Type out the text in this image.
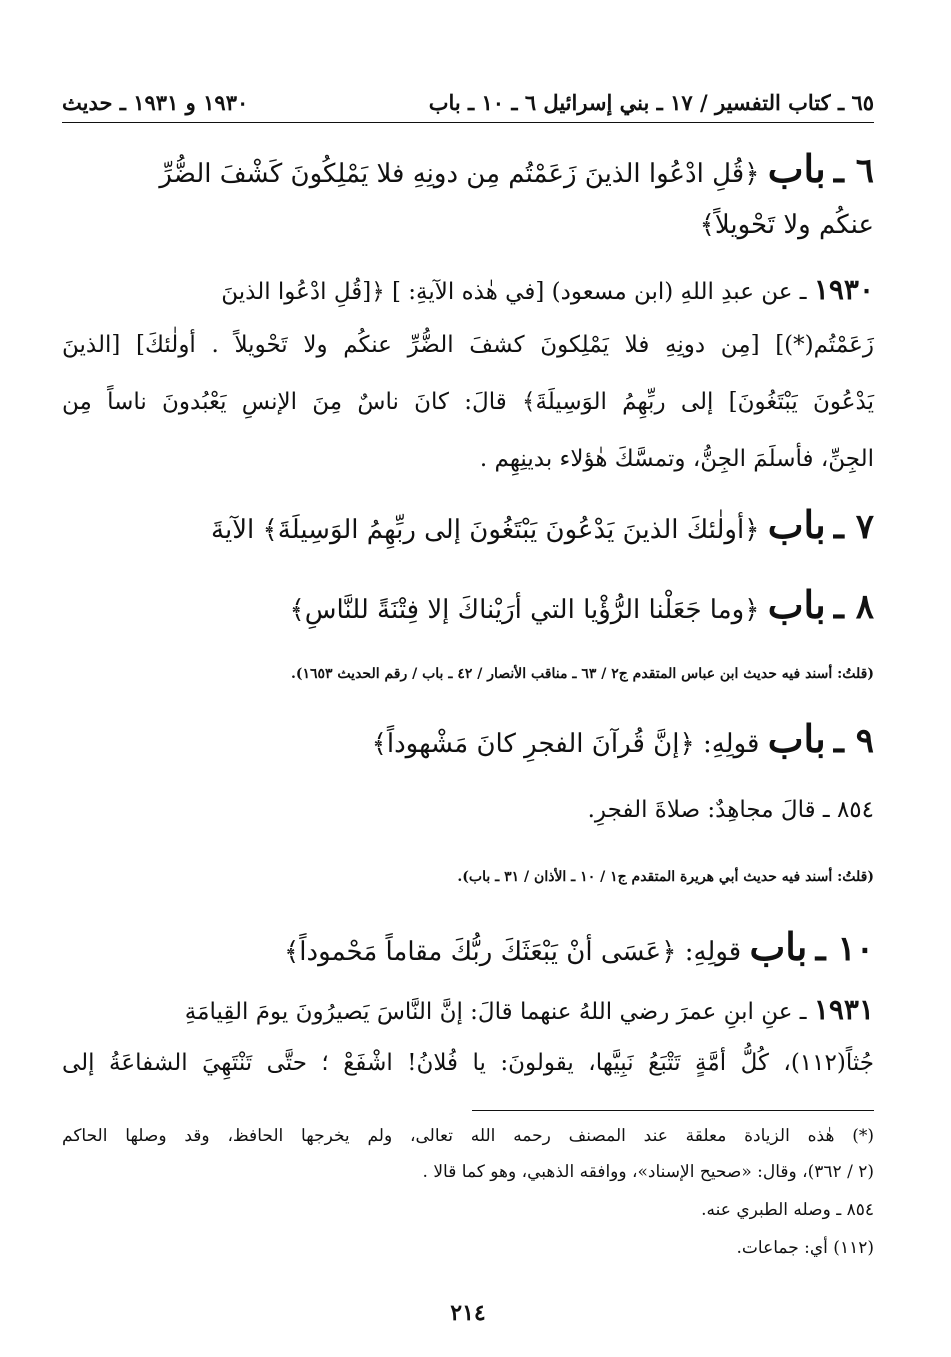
٦٥ ـ كتاب التفسير / ١٧ ـ بني إسرائيل ٦ ـ ١٠ ـ باب
١٩٣٠ و ١٩٣١ ـ حديث
٦ ـ باب ﴿قُلِ ادْعُوا الذينَ زَعَمْتُم مِن دونِهِ فلا يَمْلِكُونَ كَشْفَ الضُّرِّ
عنكُم ولا تَحْويلاً﴾
١٩٣٠ ـ عن عبدِ اللهِ (ابن مسعود) [في هٰذه الآيةِ: ] ﴿[قُلِ ادْعُوا الذينَ
زَعَمْتُم(*)] [مِن دونِهِ فلا يَمْلِكونَ كشفَ الضُّرِّ عنكُم ولا تَحْويلاً . أولٰئكَ] [الذينَ
يَدْعُونَ يَبْتَغُونَ] إلى ربِّهِمُ الوَسِيلَةَ﴾ قالَ: كانَ ناسٌ مِنَ الإنسِ يَعْبُدونَ ناساً مِن
الجِنِّ، فأسلَمَ الجِنُّ، وتمسَّكَ هٰؤلاء بدينِهِم .
٧ ـ باب ﴿أولٰئكَ الذينَ يَدْعُونَ يَبْتَغُونَ إلى ربِّهِمُ الوَسِيلَةَ﴾ الآيةَ
٨ ـ باب ﴿وما جَعَلْنا الرُّؤْيا التي أرَيْناكَ إلا فِتْنَةً للنَّاسِ﴾
(قلتُ: أسند فيه حديث ابن عباس المتقدم ج٢ / ٦٣ ـ مناقب الأنصار / ٤٢ ـ باب / رقم الحديث ١٦٥٣).
٩ ـ باب قولِهِ: ﴿إنَّ قُرآنَ الفجرِ كانَ مَشْهوداً﴾
٨٥٤ ـ قالَ مجاهِدٌ: صلاةَ الفجرِ.
(قلتُ: أسند فيه حديث أبي هريرة المتقدم ج١ / ١٠ ـ الأذان / ٣١ ـ باب).
١٠ ـ باب قولِهِ: ﴿عَسَى أنْ يَبْعَثَكَ ربُّكَ مقاماً مَحْموداً﴾
١٩٣١ ـ عنِ ابنِ عمرَ رضي اللهُ عنهما قالَ: إنَّ النَّاسَ يَصيرُونَ يومَ القِيامَةِ
جُثاً(١١٢)، كُلُّ أمَّةٍ تَتْبَعُ نَبِيَّها، يقولونَ: يا فُلانُ! اشْفَعْ ؛ حتَّى تَنْتَهِيَ الشفاعَةُ إلى
(*) هٰذه الزيادة معلقة عند المصنف رحمه الله تعالى، ولم يخرجها الحافظ، وقد وصلها الحاكم
(٢ / ٣٦٢)، وقال: «صحيح الإسناد»، ووافقه الذهبي، وهو كما قالا .
٨٥٤ ـ وصله الطبري عنه.
(١١٢) أي: جماعات.
٢١٤
